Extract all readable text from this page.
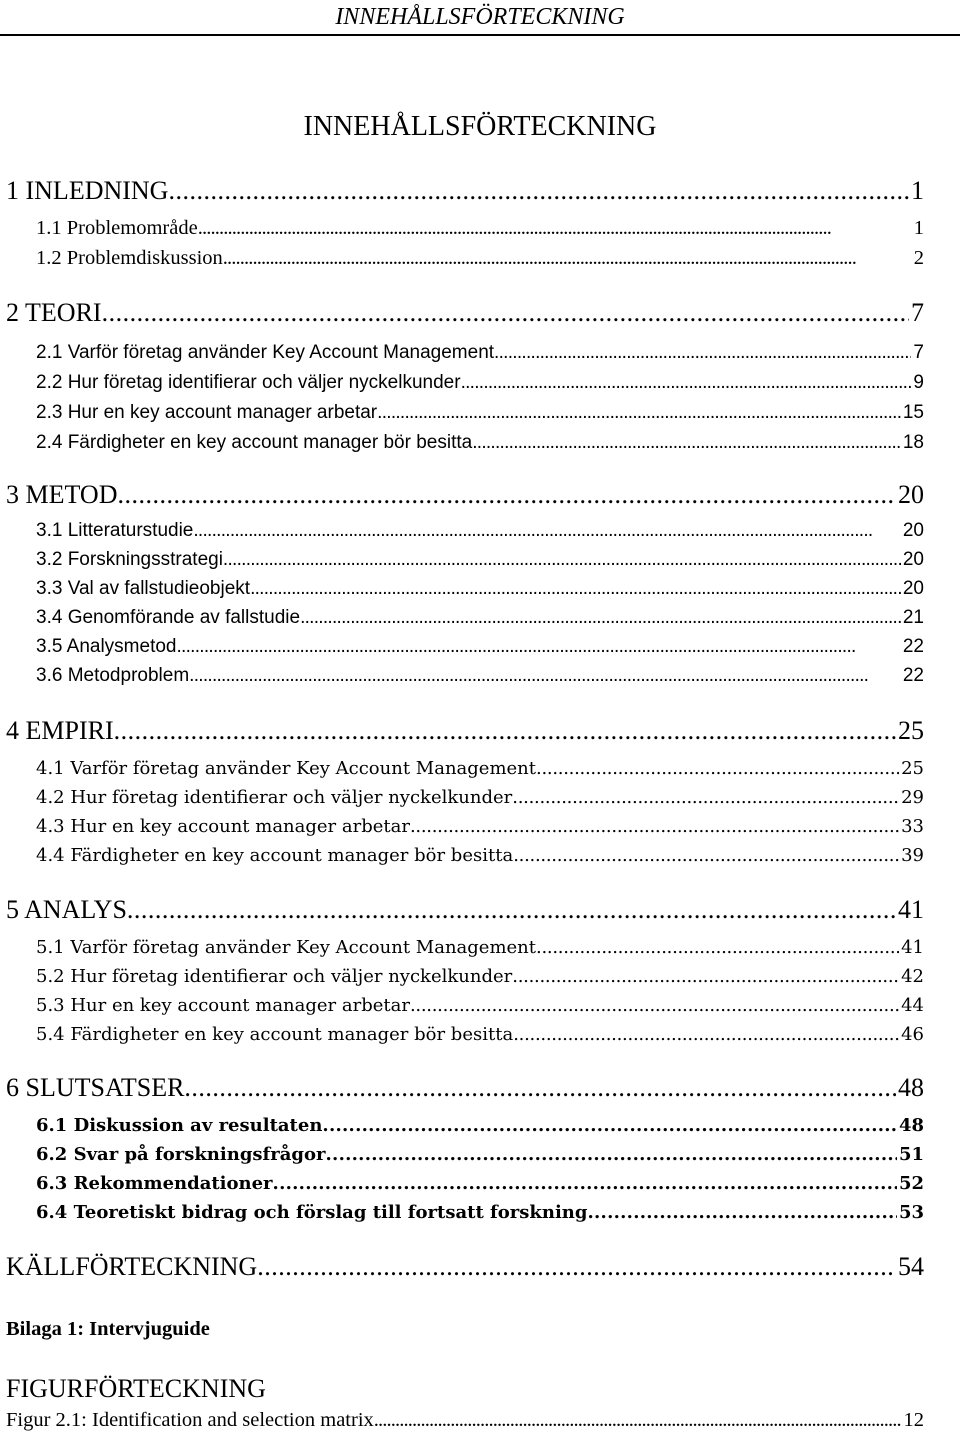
INNEHÅLLSFÖRTECKNING
INNEHÅLLSFÖRTECKNING
1 INLEDNING . . .	1
1.1 Problemområde . . .	1
1.2 Problemdiskussion . . .	2
2 TEORI . . .	7
2.1 Varför företag använder Key Account Management . . .	7
2.2 Hur företag identifierar och väljer nyckelkunder . . .	9
2.3 Hur en key account manager arbetar . . .	15
2.4 Färdigheter en key account manager bör besitta . . .	18
3 METOD . . .	20
3.1 Litteraturstudie . . .	20
3.2 Forskningsstrategi . . .	20
3.3 Val av fallstudieobjekt . . .	20
3.4 Genomförande av fallstudie . . .	21
3.5 Analysmetod . . .	22
3.6 Metodproblem . . .	22
4 EMPIRI . . .	25
4.1 Varför företag använder Key Account Management . . .	25
4.2 Hur företag identifierar och väljer nyckelkunder . . .	29
4.3 Hur en key account manager arbetar . . .	33
4.4 Färdigheter en key account manager bör besitta . . .	39
5 ANALYS . . .	41
5.1 Varför företag använder Key Account Management . . .	41
5.2 Hur företag identifierar och väljer nyckelkunder . . .	42
5.3 Hur en key account manager arbetar . . .	44
5.4 Färdigheter en key account manager bör besitta . . .	46
6 SLUTSATSER . . .	48
6.1 Diskussion av resultaten . . .	48
6.2 Svar på forskningsfrågor . . .	51
6.3 Rekommendationer . . .	52
6.4 Teoretiskt bidrag och förslag till fortsatt forskning . . .	53
KÄLLFÖRTECKNING . . .	54
Bilaga 1: Intervjuguide
FIGURFÖRTECKNING
Figur 2.1: Identification and selection matrix . . .	12
